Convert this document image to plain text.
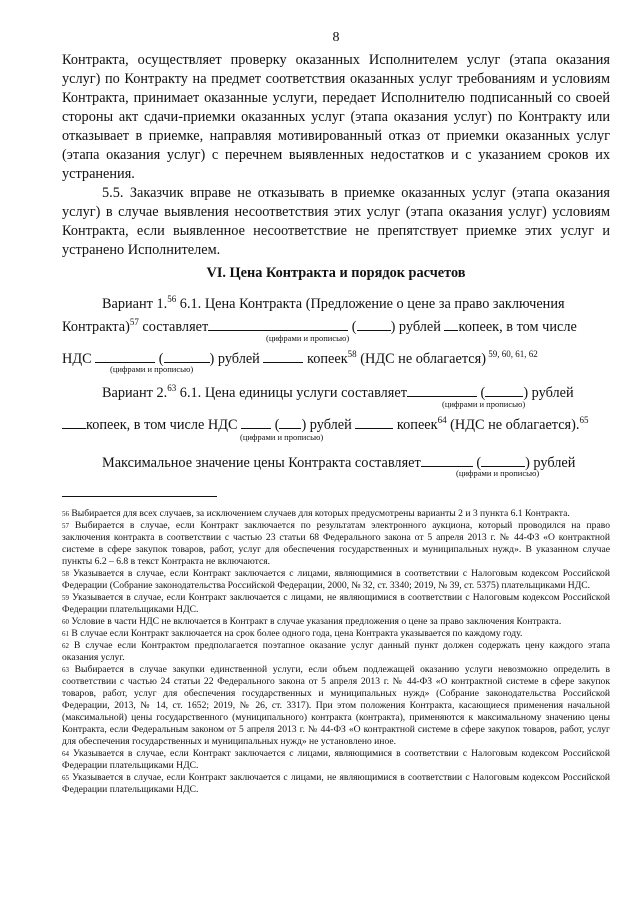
8

Контракта, осуществляет проверку оказанных Исполнителем услуг (этапа оказания услуг) по Контракту на предмет соответствия оказанных услуг требованиям и условиям Контракта, принимает оказанные услуги, передает Исполнителю подписанный со своей стороны акт сдачи-приемки оказанных услуг (этапа оказания услуг) по Контракту или отказывает в приемке, направляя мотивированный отказ от приемки оказанных услуг (этапа оказания услуг) с перечнем выявленных недостатков и с указанием сроков их устранения.

5.5. Заказчик вправе не отказывать в приемке оказанных услуг (этапа оказания услуг) в случае выявления несоответствия этих услуг (этапа оказания услуг) условиям Контракта, если выявленное несоответствие не препятствует приемке этих услуг и устранено Исполнителем.

VI. Цена Контракта и порядок расчетов
Вариант 1.56 6.1. Цена Контракта (Предложение о цене за право заключения
Контракта)$^{57}$ составляет	( ) рублей копеек, в том числе
(цифрами и прописью)
НДС	(	) рублей	копеек$^{58}$ (НДС не облагается) $^{59, 60, 61, 62}$
(цифрами и прописью)
Вариант 2.63 6.1. Цена единицы услуги составляет	(	) рублей
(цифрами и прописью)
копеек, в том числе НДС  ( ) рублей	копеек$^{64}$ (НДС не облагается).$^{65}$
(цифрами и прописью)
Максимальное значение цены Контракта составляет	(	) рублей
(цифрами и прописью)

$^{56}$ Выбирается для всех случаев, за исключением случаев для которых предусмотрены варианты 2 и 3 пункта 6.1 Контракта.

$^{57}$ Выбирается в случае, если Контракт заключается по результатам электронного аукциона, который проводился на право заключения контракта в соответствии с частью 23 статьи 68 Федерального закона от 5 апреля 2013 г. № 44-ФЗ «О контрактной системе в сфере закупок товаров, работ, услуг для обеспечения государственных и муниципальных нужд». В указанном случае пункты 6.2 – 6.8 в текст Контракта не включаются.

$^{58}$ Указывается в случае, если Контракт заключается с лицами, являющимися в соответствии с Налоговым кодексом Российской Федерации (Собрание законодательства Российской Федерации, 2000, № 32, ст. 3340; 2019, № 39, ст. 5375) плательщиками НДС.

$^{59}$ Указывается в случае, если Контракт заключается с лицами, не являющимися в соответствии с Налоговым кодексом Российской Федерации плательщиками НДС.

$^{60}$ Условие в части НДС не включается в Контракт в случае указания предложения о цене за право заключения Контракта.

$^{61}$ В случае если Контракт заключается на срок более одного года, цена Контракта указывается по каждому году.

$^{62}$ В случае если Контрактом предполагается поэтапное оказание услуг данный пункт должен содержать цену каждого этапа оказания услуг.

$^{63}$ Выбирается в случае закупки единственной услуги, если объем подлежащей оказанию услуги невозможно определить в соответствии с частью 24 статьи 22 Федерального закона от 5 апреля 2013 г. № 44-ФЗ «О контрактной системе в сфере закупок товаров, работ, услуг для обеспечения государственных и муниципальных нужд» (Собрание законодательства Российской Федерации, 2013, № 14, ст. 1652; 2019, № 26, ст. 3317). При этом положения Контракта, касающиеся применения начальной (максимальной) цены государственного (муниципального) контракта (контракта), применяются к максимальному значению цены Контракта, если Федеральным законом от 5 апреля 2013 г. № 44-ФЗ «О контрактной системе в сфере закупок товаров, работ, услуг для обеспечения государственных и муниципальных нужд» не установлено иное.

$^{64}$ Указывается в случае, если Контракт заключается с лицами, являющимися в соответствии с Налоговым кодексом Российской Федерации плательщиками НДС.

$^{65}$ Указывается в случае, если Контракт заключается с лицами, не являющимися в соответствии с Налоговым кодексом Российской Федерации плательщиками НДС.
